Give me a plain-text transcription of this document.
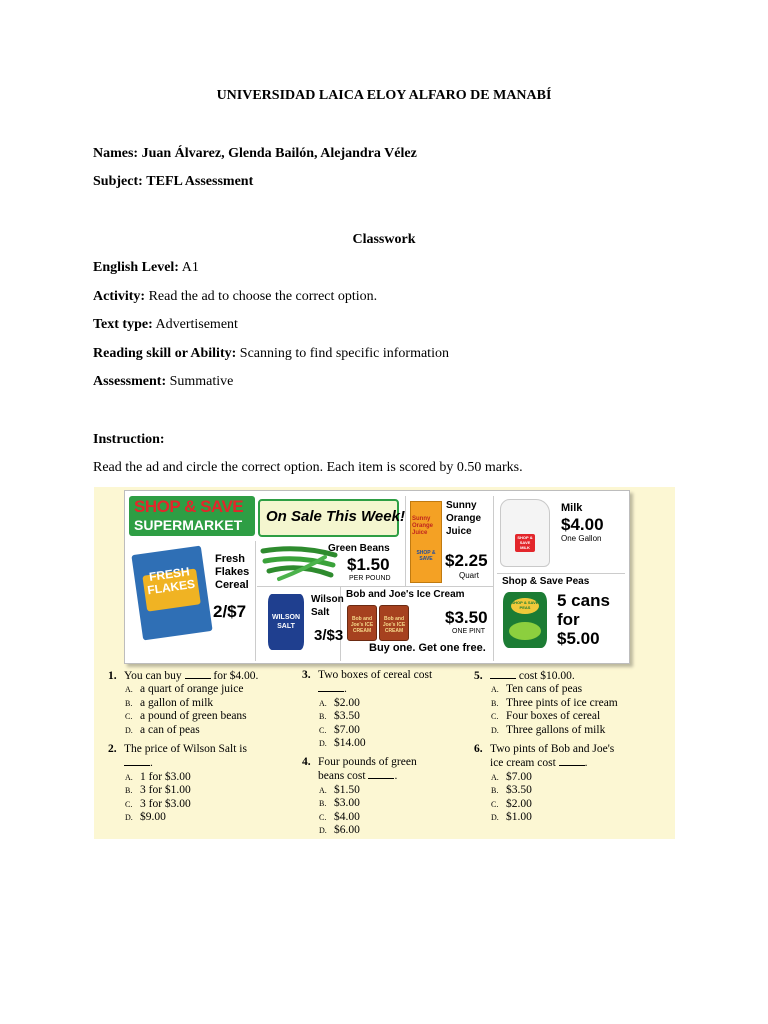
UNIVERSIDAD LAICA ELOY ALFARO DE MANABÍ
Names: Juan Álvarez, Glenda Bailón, Alejandra Vélez
Subject: TEFL Assessment
Classwork
English Level: A1
Activity: Read the ad to choose the correct option.
Text type: Advertisement
Reading skill or Ability: Scanning to find specific information
Assessment: Summative
Instruction:
Read the ad and circle the correct option. Each item is scored by 0.50 marks.
SHOP & SAVE
SUPERMARKET On Sale This Week!
FRESH FLAKES
Fresh Flakes Cereal
2/$7
Green Beans
$1.50
PER POUND
Sunny Orange Juice
SHOP & SAVE
Sunny Orange Juice
$2.25
Quart
SHOP & SAVE MILK
Milk
$4.00
One Gallon
WILSON SALT
Wilson Salt
3/$3
Bob and Joe's Ice Cream
Bob and Joe's ICE CREAM
Bob and Joe's ICE CREAM
$3.50
ONE PINT
Buy one. Get one free.
Shop & Save Peas
SHOP & SAVE PEAS	5 cans
for
$5.00
1. You can buy	for $4.00.
A. a quart of orange juice
B. a gallon of milk
C. a pound of green beans
D. a can of peas
2. The price of Wilson Salt is
.
A. 1 for $3.00
B. 3 for $1.00
C. 3 for $3.00
D. $9.00
3. Two boxes of cereal cost
.
A. $2.00
B. $3.50
C. $7.00
D. $14.00
4. Four pounds of green
beans cost	.
A. $1.50
B. $3.00
C. $4.00
D. $6.00
5.	cost $10.00.
A. Ten cans of peas
B. Three pints of ice cream
C. Four boxes of cereal
D. Three gallons of milk
6. Two pints of Bob and Joe's
ice cream cost	.
A. $7.00
B. $3.50
C. $2.00
D. $1.00
